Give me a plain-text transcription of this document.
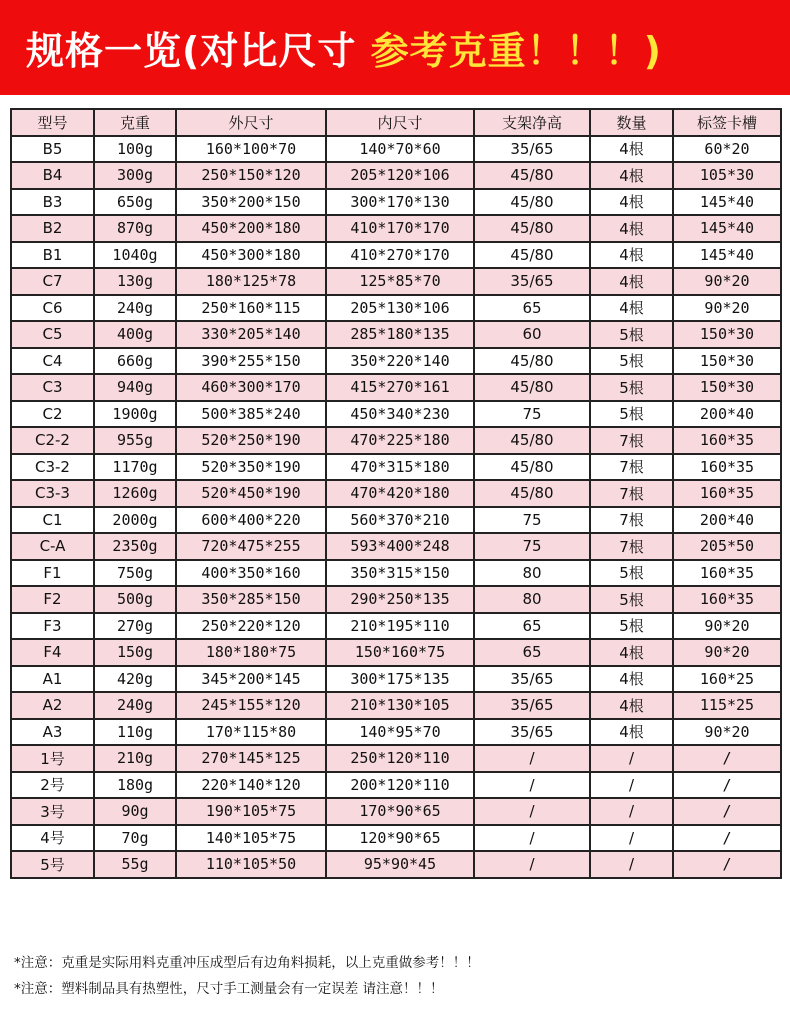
规格一览(对比尺寸 参考克重！！！)
型号	克重	外尺寸	内尺寸	支架净高	数量	标签卡槽
B5	100g	160*100*70	140*70*60	35/65	4根	60*20
B4	300g	250*150*120	205*120*106	45/80	4根	105*30
B3	650g	350*200*150	300*170*130	45/80	4根	145*40
B2	870g	450*200*180	410*170*170	45/80	4根	145*40
B1	1040g	450*300*180	410*270*170	45/80	4根	145*40
C7	130g	180*125*78	125*85*70	35/65	4根	90*20
C6	240g	250*160*115	205*130*106	65	4根	90*20
C5	400g	330*205*140	285*180*135	60	5根	150*30
C4	660g	390*255*150	350*220*140	45/80	5根	150*30
C3	940g	460*300*170	415*270*161	45/80	5根	150*30
C2	1900g	500*385*240	450*340*230	75	5根	200*40
C2-2	955g	520*250*190	470*225*180	45/80	7根	160*35
C3-2	1170g	520*350*190	470*315*180	45/80	7根	160*35
C3-3	1260g	520*450*190	470*420*180	45/80	7根	160*35
C1	2000g	600*400*220	560*370*210	75	7根	200*40
C-A	2350g	720*475*255	593*400*248	75	7根	205*50
F1	750g	400*350*160	350*315*150	80	5根	160*35
F2	500g	350*285*150	290*250*135	80	5根	160*35
F3	270g	250*220*120	210*195*110	65	5根	90*20
F4	150g	180*180*75	150*160*75	65	4根	90*20
A1	420g	345*200*145	300*175*135	35/65	4根	160*25
A2	240g	245*155*120	210*130*105	35/65	4根	115*25
A3	110g	170*115*80	140*95*70	35/65	4根	90*20
1号	210g	270*145*125	250*120*110	/	/	/
2号	180g	220*140*120	200*120*110	/	/	/
3号	90g	190*105*75	170*90*65	/	/	/
4号	70g	140*105*75	120*90*65	/	/	/
5号	55g	110*105*50	95*90*45	/	/	/
*注意：克重是实际用料克重冲压成型后有边角料损耗，以上克重做参考！！！
*注意：塑料制品具有热塑性，尺寸手工测量会有一定误差 请注意！！！
